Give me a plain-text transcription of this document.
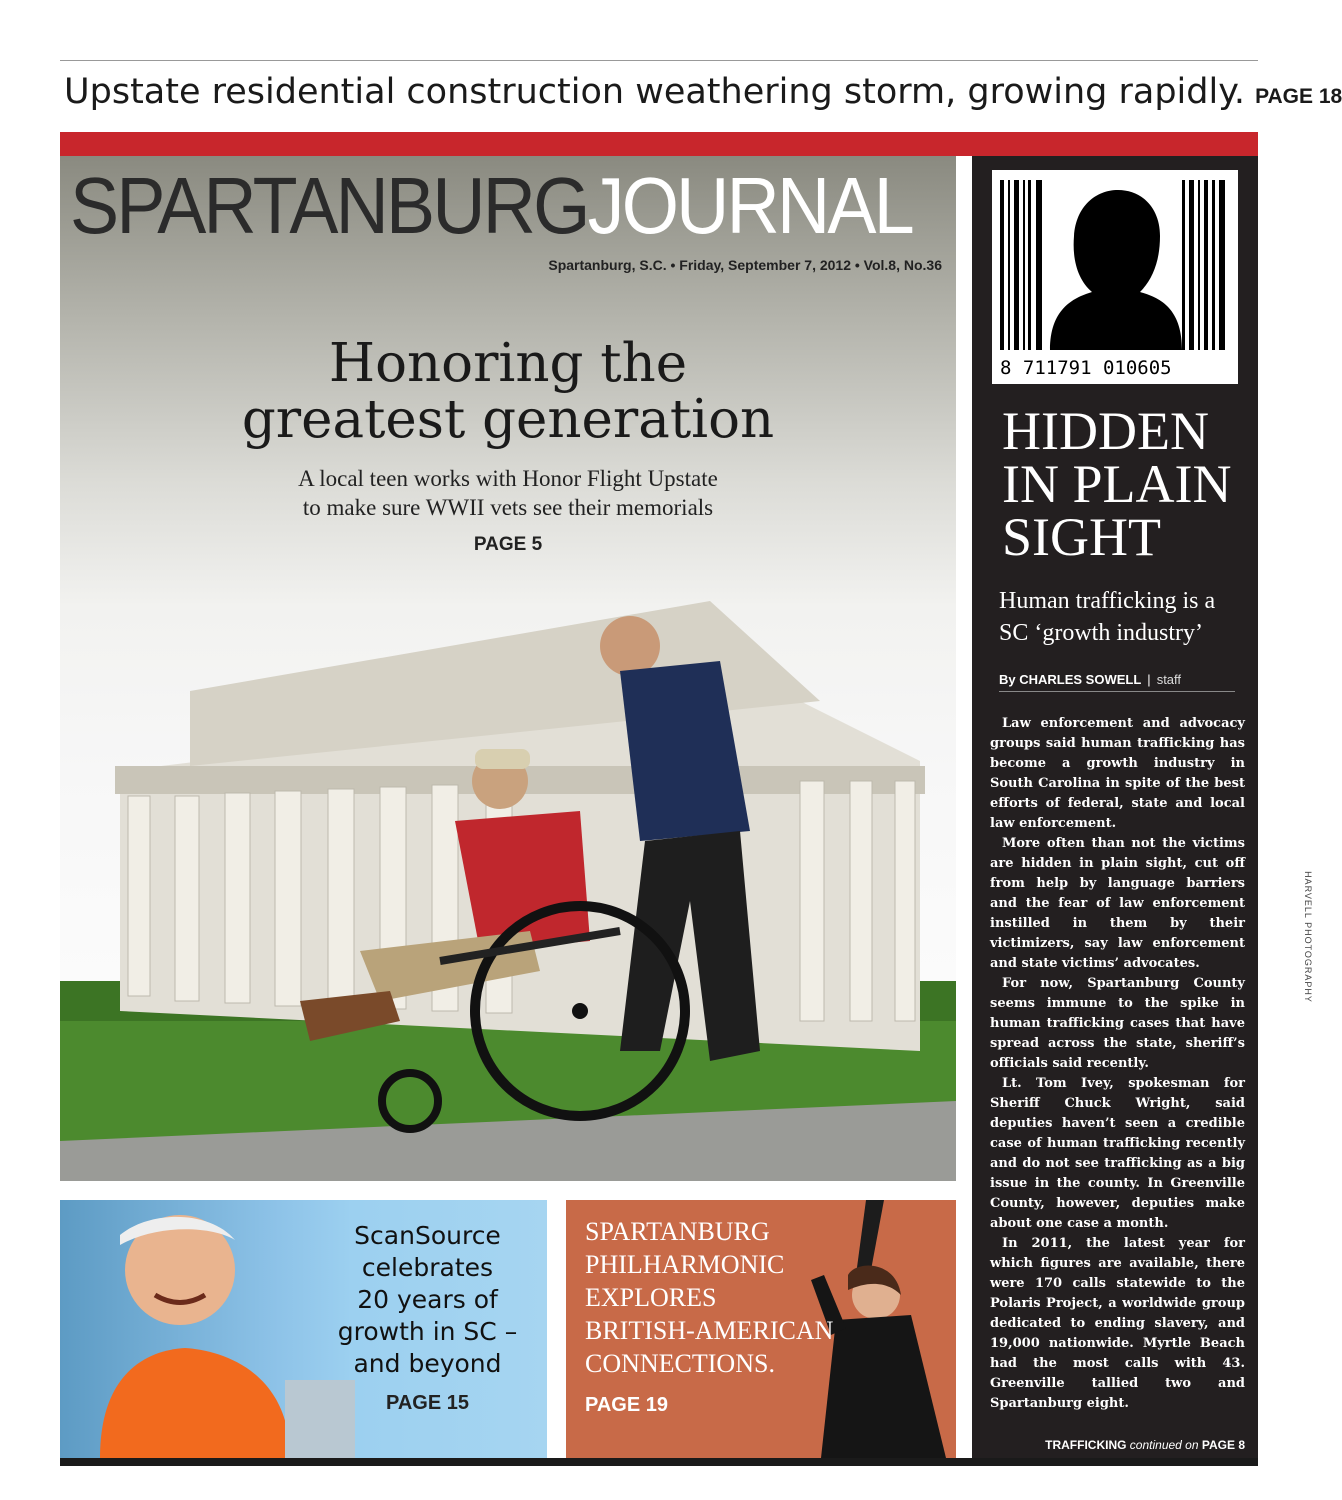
Upstate residential construction weathering storm, growing rapidly. PAGE 18
SPARTANBURGJOURNAL
Spartanburg, S.C. • Friday, September 7, 2012 • Vol.8, No.36
Honoring the
greatest generation
A local teen works with Honor Flight Upstate
to make sure WWII vets see their memorials
PAGE 5
HARVELL PHOTOGRAPHY
8 711791 010605
HIDDEN
IN PLAIN
SIGHT
Human trafficking is a
SC ‘growth industry’
By CHARLES SOWELL | staff

Law enforcement and advocacy groups said human trafficking has become a growth industry in South Carolina in spite of the best efforts of federal, state and local law enforcement.

More often than not the victims are hidden in plain sight, cut off from help by language barriers and the fear of law enforcement instilled in them by their victimizers, say law enforcement and state victims’ advocates.

For now, Spartanburg County seems immune to the spike in human trafficking cases that have spread across the state, sheriff’s officials said recently.

Lt. Tom Ivey, spokesman for Sheriff Chuck Wright, said deputies haven’t seen a credible case of human trafficking recently and do not see trafficking as a big issue in the county. In Greenville County, however, deputies make about one case a month.

In 2011, the latest year for which figures are available, there were 170 calls statewide to the Polaris Project, a worldwide group dedicated to ending slavery, and 19,000 nationwide. Myrtle Beach had the most calls with 43. Greenville tallied two and Spartanburg eight.

TRAFFICKING continued on PAGE 8
ScanSource
celebrates
20 years of
growth in SC –
and beyond
PAGE 15
SPARTANBURG
PHILHARMONIC
EXPLORES
BRITISH-AMERICAN
CONNECTIONS.
PAGE 19
